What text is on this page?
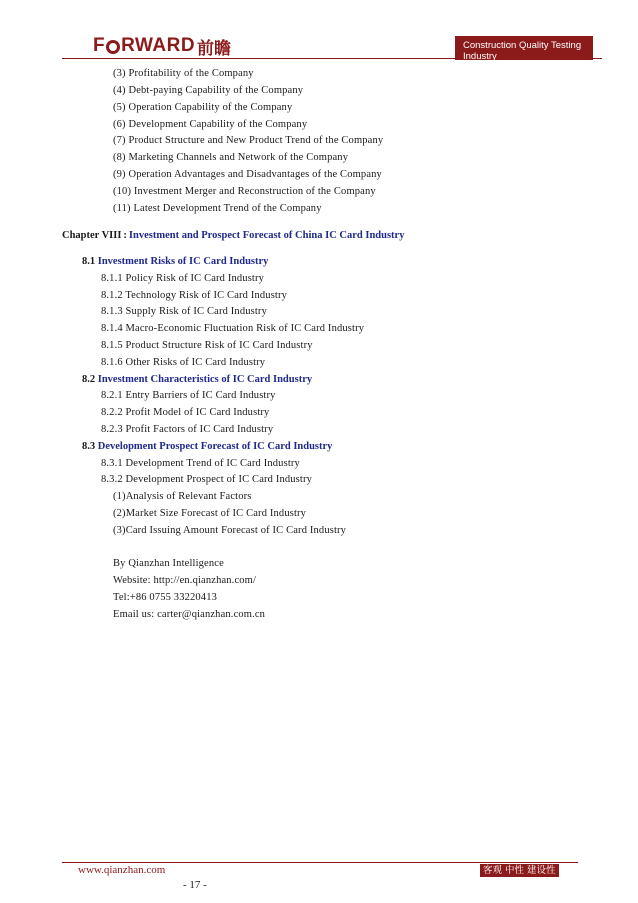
F RWARD 前瞻	Construction Quality Testing Industry
(3) Profitability of the Company
(4) Debt-paying Capability of the Company
(5) Operation Capability of the Company
(6) Development Capability of the Company
(7) Product Structure and New Product Trend of the Company
(8) Marketing Channels and Network of the Company
(9) Operation Advantages and Disadvantages of the Company
(10) Investment Merger and Reconstruction of the Company
(11) Latest Development Trend of the Company
Chapter VIII : Investment and Prospect Forecast of China IC Card Industry
8.1 Investment Risks of IC Card Industry
8.1.1 Policy Risk of IC Card Industry
8.1.2 Technology Risk of IC Card Industry
8.1.3 Supply Risk of IC Card Industry
8.1.4 Macro-Economic Fluctuation Risk of IC Card Industry
8.1.5 Product Structure Risk of IC Card Industry
8.1.6 Other Risks of IC Card Industry
8.2 Investment Characteristics of IC Card Industry
8.2.1 Entry Barriers of IC Card Industry
8.2.2 Profit Model of IC Card Industry
8.2.3 Profit Factors of IC Card Industry
8.3 Development Prospect Forecast of IC Card Industry
8.3.1 Development Trend of IC Card Industry
8.3.2 Development Prospect of IC Card Industry
(1)Analysis of Relevant Factors
(2)Market Size Forecast of IC Card Industry
(3)Card Issuing Amount Forecast of IC Card Industry
By Qianzhan Intelligence
Website: http://en.qianzhan.com/
Tel:+86 0755 33220413
Email us: carter@qianzhan.com.cn
www.qianzhan.com	客观 中性 建设性
- 17 -
